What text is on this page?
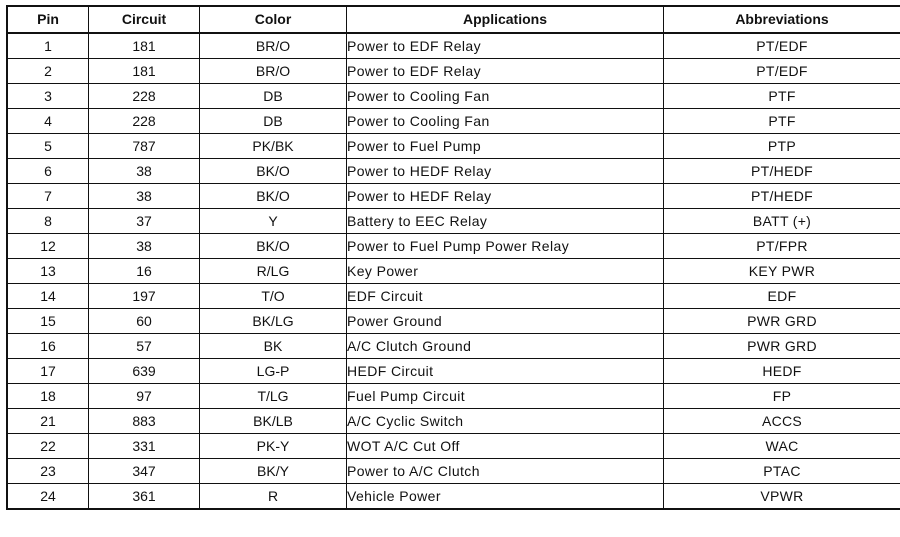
Pin	Circuit	Color	Applications	Abbreviations
1	181	BR/O	Power to EDF Relay	PT/EDF
2	181	BR/O	Power to EDF Relay	PT/EDF
3	228	DB	Power to Cooling Fan	PTF
4	228	DB	Power to Cooling Fan	PTF
5	787	PK/BK	Power to Fuel Pump	PTP
6	38	BK/O	Power to HEDF Relay	PT/HEDF
7	38	BK/O	Power to HEDF Relay	PT/HEDF
8	37	Y	Battery to EEC Relay	BATT (+)
12	38	BK/O	Power to Fuel Pump Power Relay	PT/FPR
13	16	R/LG	Key Power	KEY PWR
14	197	T/O	EDF Circuit	EDF
15	60	BK/LG	Power Ground	PWR GRD
16	57	BK	A/C Clutch Ground	PWR GRD
17	639	LG-P	HEDF Circuit	HEDF
18	97	T/LG	Fuel Pump Circuit	FP
21	883	BK/LB	A/C Cyclic Switch	ACCS
22	331	PK-Y	WOT A/C Cut Off	WAC
23	347	BK/Y	Power to A/C Clutch	PTAC
24	361	R	Vehicle Power	VPWR
